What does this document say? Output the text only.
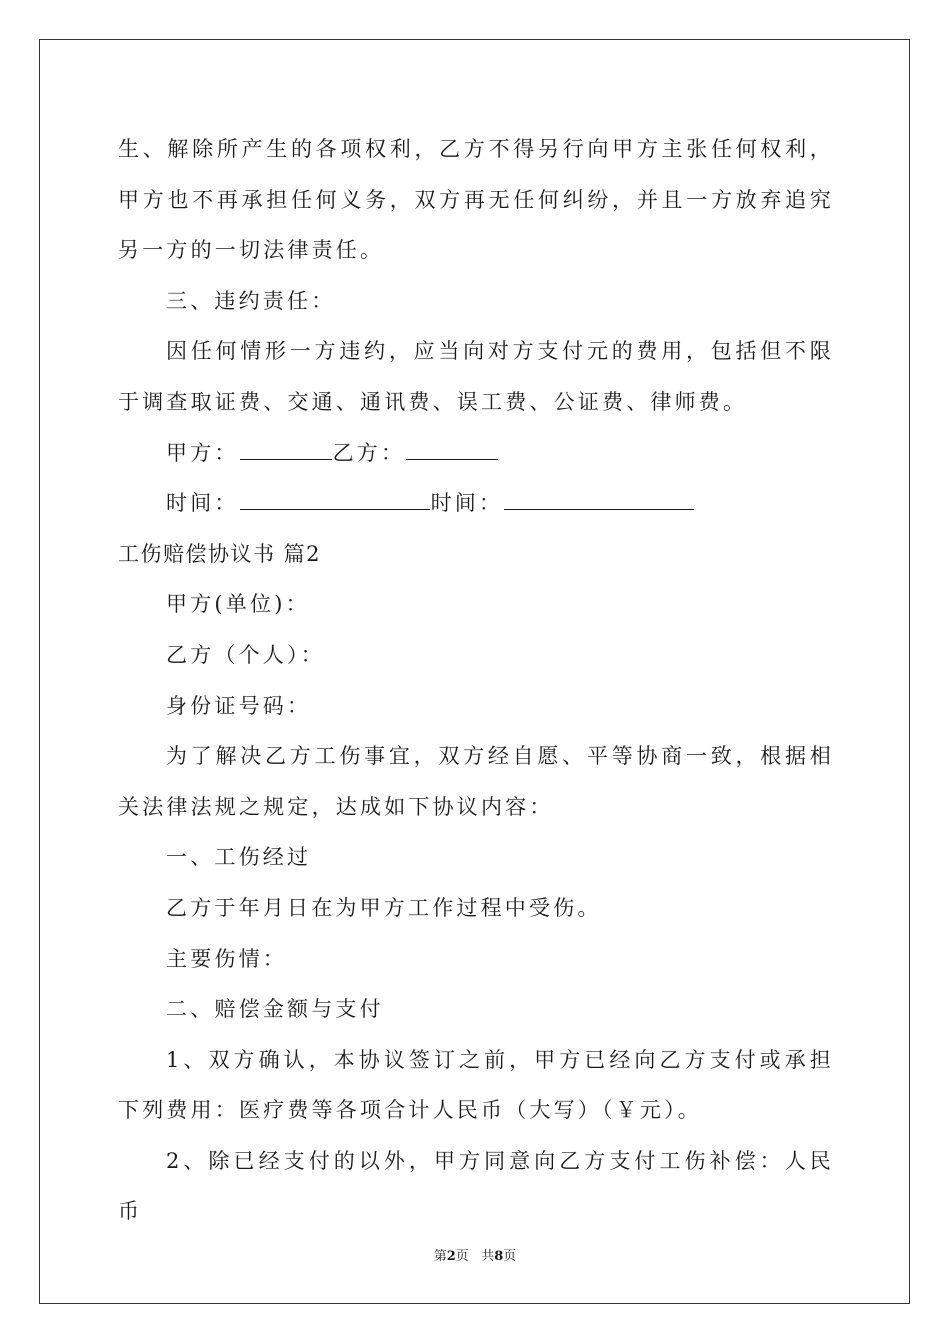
生、解除所产生的各项权利，乙方不得另行向甲方主张任何权利，甲方也不再承担任何义务，双方再无任何纠纷，并且一方放弃追究另一方的一切法律责任。

三、违约责任：

因任何情形一方违约，应当向对方支付元的费用，包括但不限于调查取证费、交通、通讯费、误工费、公证费、律师费。

甲方：	乙方：

时间：	时间：

工伤赔偿协议书 篇2

甲方(单位)：

乙方（个人）：

身份证号码：

为了解决乙方工伤事宜，双方经自愿、平等协商一致，根据相关法律法规之规定，达成如下协议内容：

一、工伤经过

乙方于年月日在为甲方工作过程中受伤。

主要伤情：

二、赔偿金额与支付

1、双方确认，本协议签订之前，甲方已经向乙方支付或承担下列费用：医疗费等各项合计人民币（大写）（￥元）。

2、除已经支付的以外，甲方同意向乙方支付工伤补偿：人民币

第2页 共8页
